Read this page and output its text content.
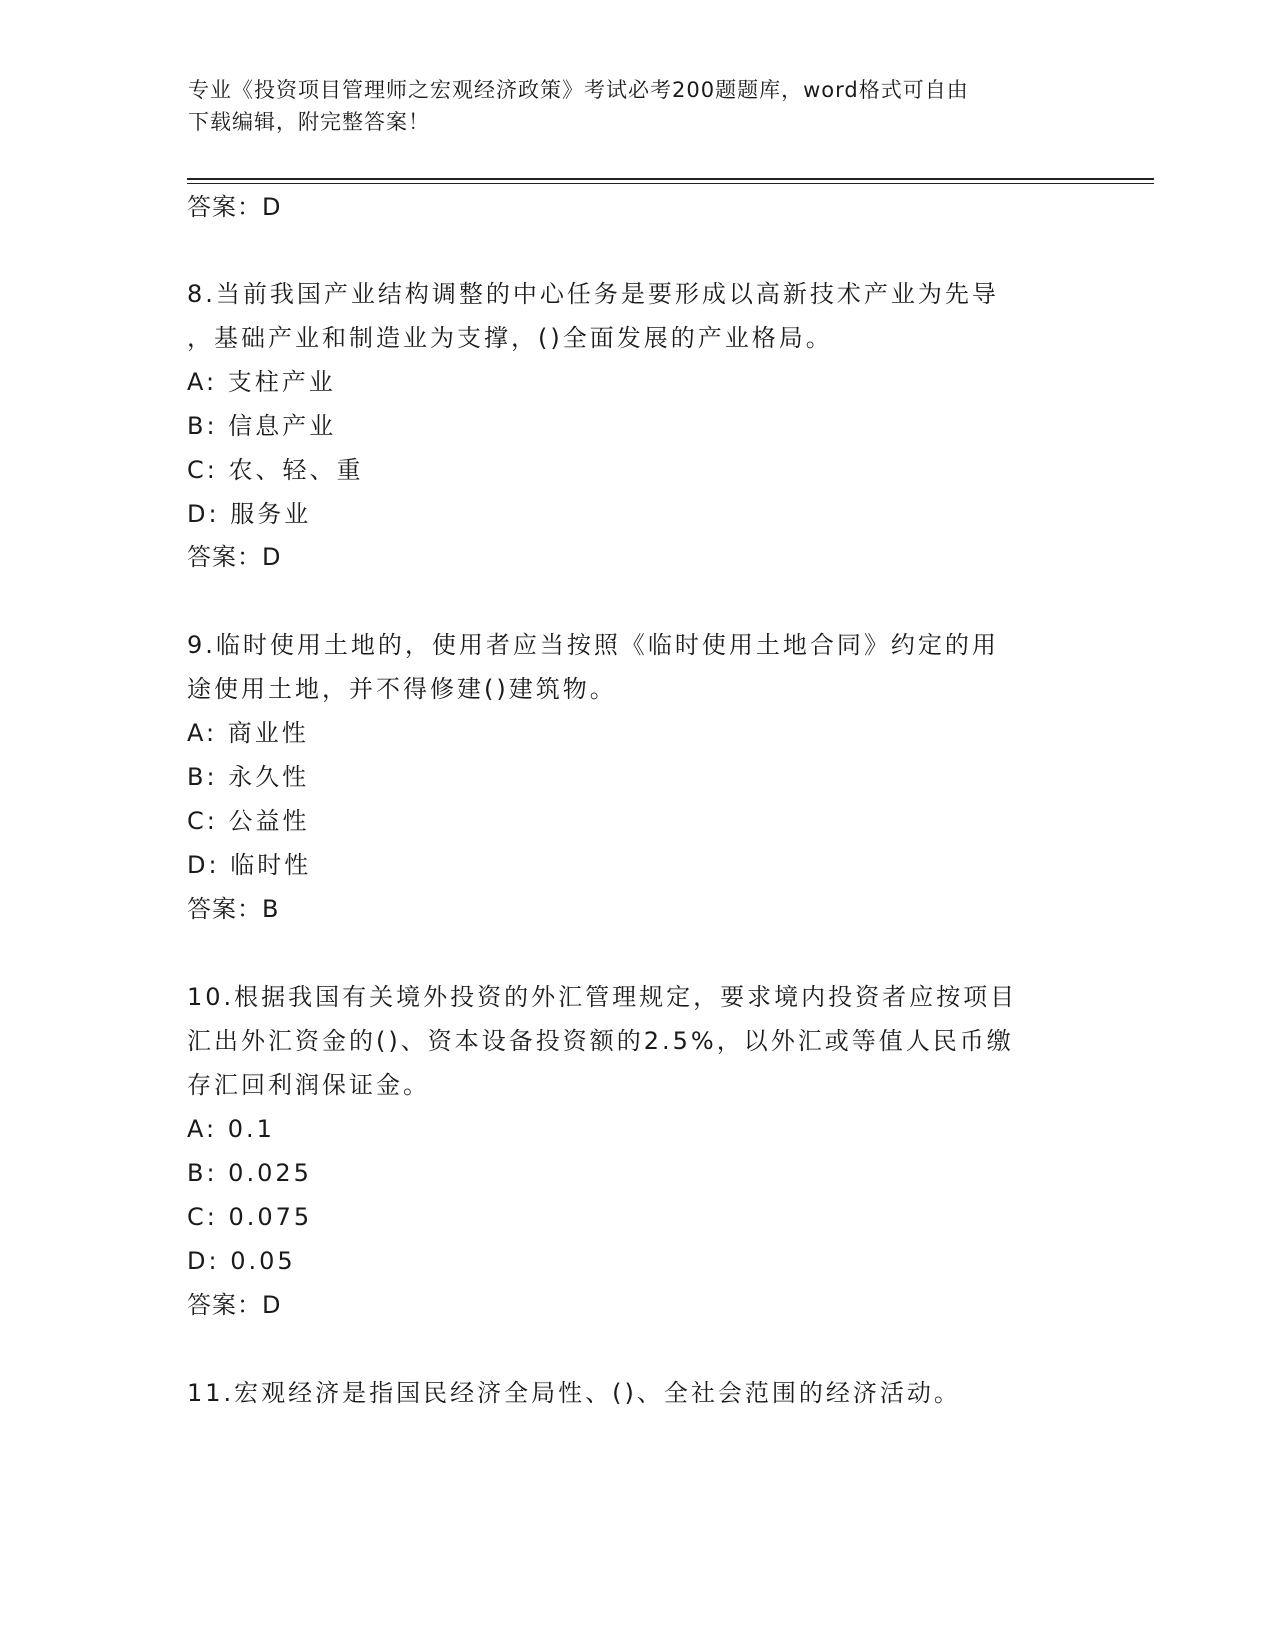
专业《投资项目管理师之宏观经济政策》考试必考200题题库，word格式可自由
下载编辑，附完整答案！
答案：D
8.当前我国产业结构调整的中心任务是要形成以高新技术产业为先导
，基础产业和制造业为支撑，()全面发展的产业格局。
A: 支柱产业
B: 信息产业
C: 农、轻、重
D: 服务业
答案：D
9.临时使用土地的，使用者应当按照《临时使用土地合同》约定的用
途使用土地，并不得修建()建筑物。
A: 商业性
B: 永久性
C: 公益性
D: 临时性
答案：B
10.根据我国有关境外投资的外汇管理规定，要求境内投资者应按项目
汇出外汇资金的()、资本设备投资额的2.5%，以外汇或等值人民币缴
存汇回利润保证金。
A: 0.1
B: 0.025
C: 0.075
D: 0.05
答案：D
11.宏观经济是指国民经济全局性、()、全社会范围的经济活动。
